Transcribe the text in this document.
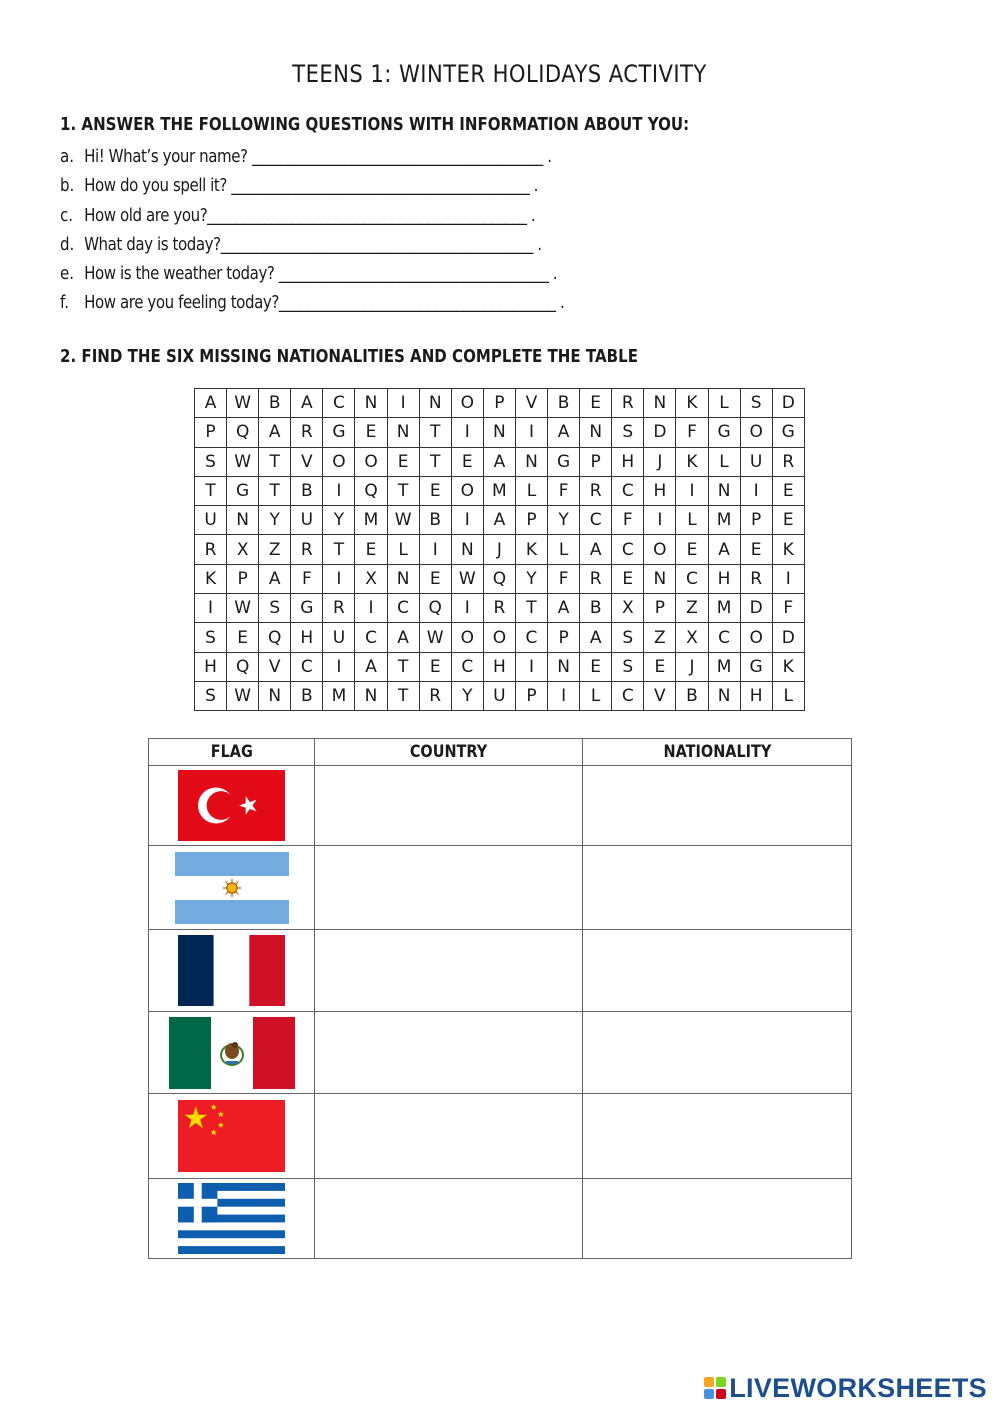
TEENS 1: WINTER HOLIDAYS ACTIVITY
1. ANSWER THE FOLLOWING QUESTIONS WITH INFORMATION ABOUT YOU:
a. Hi! What’s your name? _________________________________________ .
b. How do you spell it? __________________________________________ .
c. How old are you?_____________________________________________ .
d. What day is today?____________________________________________ .
e. How is the weather today? ______________________________________ .
f. How are you feeling today?_______________________________________ .
2. FIND THE SIX MISSING NATIONALITIES AND COMPLETE THE TABLE
A	W	B	A	C	N	I	N	O	P	V	B	E	R	N	K	L	S	D
P	Q	A	R	G	E	N	T	I	N	I	A	N	S	D	F	G	O	G
S	W	T	V	O	O	E	T	E	A	N	G	P	H	J	K	L	U	R
T	G	T	B	I	Q	T	E	O	M	L	F	R	C	H	I	N	I	E
U	N	Y	U	Y	M	W	B	I	A	P	Y	C	F	I	L	M	P	E
R	X	Z	R	T	E	L	I	N	J	K	L	A	C	O	E	A	E	K
K	P	A	F	I	X	N	E	W	Q	Y	F	R	E	N	C	H	R	I
I	W	S	G	R	I	C	Q	I	R	T	A	B	X	P	Z	M	D	F
S	E	Q	H	U	C	A	W	O	O	C	P	A	S	Z	X	C	O	D
H	Q	V	C	I	A	T	E	C	H	I	N	E	S	E	J	M	G	K
S	W	N	B	M	N	T	R	Y	U	P	I	L	C	V	B	N	H	L
FLAG	COUNTRY	NATIONALITY

LIVEWORKSHEETS
